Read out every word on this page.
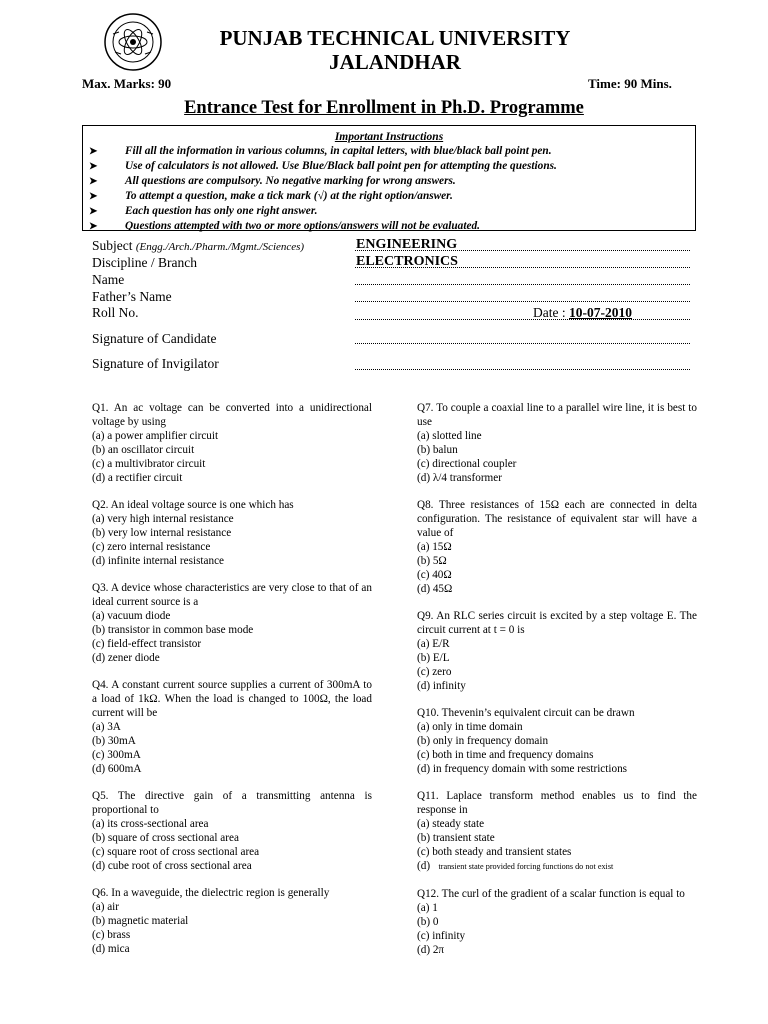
PUNJAB TECHNICAL UNIVERSITY
JALANDHAR
Max. Marks: 90	Time: 90 Mins.
Entrance Test for Enrollment in Ph.D. Programme
Important Instructions
➤ Fill all the information in various columns, in capital letters, with blue/black ball point pen.
➤ Use of calculators is not allowed. Use Blue/Black ball point pen for attempting the questions.
➤ All questions are compulsory. No negative marking for wrong answers.
➤ To attempt a question, make a tick mark (√) at the right option/answer.
➤ Each question has only one right answer.
➤ Questions attempted with two or more options/answers will not be evaluated.
Subject (Engg./Arch./Pharm./Mgmt./Sciences)	ENGINEERING
Discipline / Branch	ELECTRONICS
Name
Father’s Name
Roll No.	Date : 10-07-2010
Signature of Candidate
Signature of Invigilator
Q1. An ac voltage can be converted into a unidirectional voltage by using
(a) a power amplifier circuit
(b) an oscillator circuit
(c) a multivibrator circuit
(d) a rectifier circuit
Q2. An ideal voltage source is one which has
(a) very high internal resistance
(b) very low internal resistance
(c) zero internal resistance
(d) infinite internal resistance
Q3. A device whose characteristics are very close to that of an ideal current source is a
(a) vacuum diode
(b) transistor in common base mode
(c) field-effect transistor
(d) zener diode
Q4. A constant current source supplies a current of 300mA to a load of 1kΩ. When the load is changed to 100Ω, the load current will be
(a) 3A
(b) 30mA
(c) 300mA
(d) 600mA
Q5. The directive gain of a transmitting antenna is proportional to
(a) its cross-sectional area
(b) square of cross sectional area
(c) square root of cross sectional area
(d) cube root of cross sectional area
Q6. In a waveguide, the dielectric region is generally
(a) air
(b) magnetic material
(c) brass
(d) mica
Q7. To couple a coaxial line to a parallel wire line, it is best to use
(a) slotted line
(b) balun
(c) directional coupler
(d) λ/4 transformer
Q8. Three resistances of 15Ω each are connected in delta configuration. The resistance of equivalent star will have a value of
(a) 15Ω
(b) 5Ω
(c) 40Ω
(d) 45Ω
Q9. An RLC series circuit is excited by a step voltage E. The circuit current at t = 0 is
(a) E/R
(b) E/L
(c) zero
(d) infinity
Q10. Thevenin’s equivalent circuit can be drawn
(a) only in time domain
(b) only in frequency domain
(c) both in time and frequency domains
(d) in frequency domain with some restrictions
Q11. Laplace transform method enables us to find the response in
(a) steady state
(b) transient state
(c) both steady and transient states
(d) transient state provided forcing functions do not exist
Q12. The curl of the gradient of a scalar function is equal to
(a) 1
(b) 0
(c) infinity
(d) 2π
